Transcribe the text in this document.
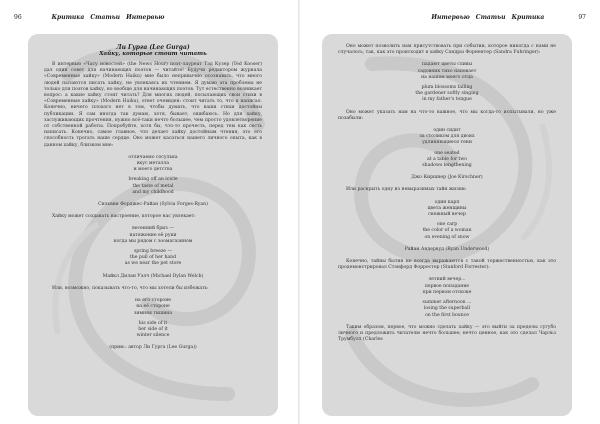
96	Критика Статьи Интервью
Ли Гурга (Lee Gurga)
Хайку, которые стоит читать

В интервью «Часу новостей» (the News Hour) поэт-лауреат Тэд Кузер (Ted Kooser) дал один совет для начинающих поэтов — читайте! Будучи редактором журнала «Современные хайку» (Modern Haiku) мне было непривычно осознавать, что много людей пытаются писать хайку, не увлекаясь их чтением. Я думаю эта проблема не только для поэтов хайку, но вообще для начинающих поэтов. Тут естественно возникает вопрос: а какие хайку стоит читать? Для многих людей, посылающих свои стихи в «Современные хайку» (Modern Haiku), ответ очевиден: стоит читать то, что я написал. Конечно, ничего плохого нет в том, чтобы думать, что ваши стихи достойны публикации. Я сам иногда так думаю, хотя, бывает, ошибаюсь. Но для хайку, заслуживающих прочтения, нужно всё-таки нечто большее, чем просто удовлетворение от собственной работы. Попробуйте, хотя бы, что-то прочесть, перед тем как сесть написать. Конечно, самое главное, что делает хайку достойным чтения, это его способность трогать наше сердце. Оно может касаться нашего личного опыта, как в данном хайку, близком мне:

отличаемо сосулька
вкус металла
и моего детства
breaking off an icicle
the taste of metal
and my childhood
Сильвия Форджес-Райан (Sylvia Forges-Ryan)

Хайку может создавать настроение, которое нас увлекает:

весенний бриз —
натяжение её руки
когда мы рядом с зоомагазином
spring breeze —
the pull of her hand
as we near the pet store
Майкл Дилан Уэлч (Michael Dylan Welch)

Или, возможно, показывать что-то, что мы хотели бы избежать:

на его стороне
на её стороне
зимняя тишина
his side of it
her side of it
winter silence
(прим.: автор Ли Гурга (Lee Gurga))
Интервью Статьи Критика	97

Оно может позволить нам присутствовать при событии, которое никогда с нами не случалось, так, как это происходит в хайку Сандры Форнентер (Sandra Fuhringer):

падают цветы сливы
садовник тихо напевает
на нашем моего отца
plum blossoms falling
the gardener softly singing
in my father's tongue

Оно может указать нам на что-то важное, что мы когда-то испытывали, но уже позабыли:

один сидит
за столиком для двоих
удлиняющиеся тени
one seated
at a table for two
shadows lengthening
Джо Киршнер (Joe Kirschner)

Или раскрыть одну из невыразимых тайн жизни:

один карп
цвета женщины
снежный вечер
one carp
the color of a woman
on evening of snow
Райан Андервуд (Ryan Underwood)

Конечно, тайны бытия не всегда выражаются с такой торжественностью, как это продемонстрировал Стэнфорд Форрестер (Stanford Forrester):

летний вечер...
первое попадание
при первом отскоке
summer afternoon ...
losing the superball
on the first bounce

Таким образом, первое, что можно сделать хайку — это выйти за пределы сугубо личного и предложить читателю нечто большее; нечто ценное, как это сделал Чарльз Трумбулл (Charles
